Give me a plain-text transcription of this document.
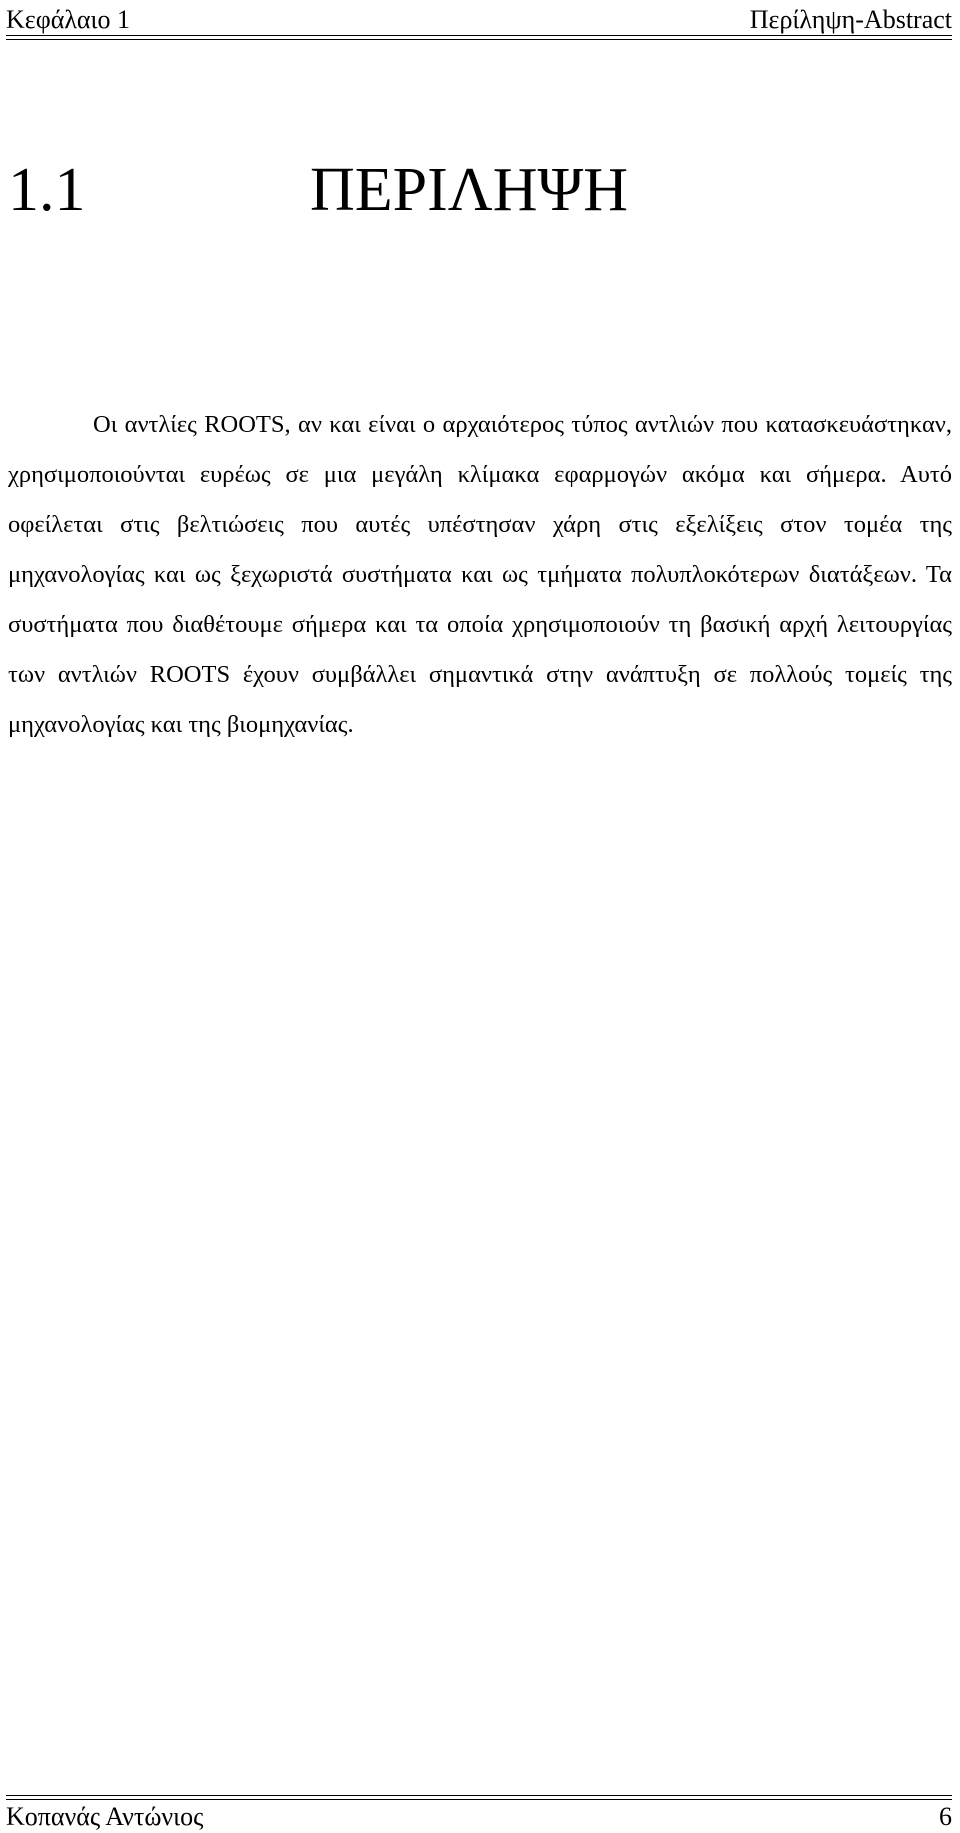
Κεφάλαιο 1	Περίληψη-Abstract
1.1	ΠΕΡΙΛΗΨΗ

Οι αντλίες ROOTS, αν και είναι ο αρχαιότερος τύπος αντλιών που κατασκευάστηκαν, χρησιμοποιούνται ευρέως σε μια μεγάλη κλίμακα εφαρμογών ακόμα και σήμερα. Αυτό οφείλεται στις βελτιώσεις που αυτές υπέστησαν χάρη στις εξελίξεις στον τομέα της μηχανολογίας και ως ξεχωριστά συστήματα και ως τμήματα πολυπλοκότερων διατάξεων. Τα συστήματα που διαθέτουμε σήμερα και τα οποία χρησιμοποιούν τη βασική αρχή λειτουργίας των αντλιών ROOTS έχουν συμβάλλει σημαντικά στην ανάπτυξη σε πολλούς τομείς της μηχανολογίας και της βιομηχανίας.

Κοπανάς Αντώνιος	6
